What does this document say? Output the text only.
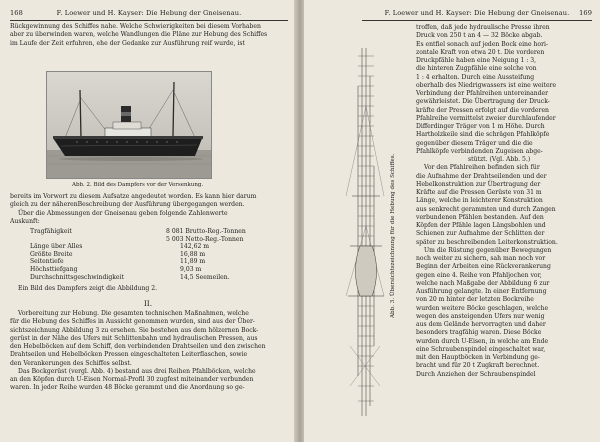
168	F. Loewer und H. Kayser: Die Hebung der Gneisenau.
Rückgewinnung des Schiffes nahe. Welche Schwierigkeiten bei diesem Vorhaben
aber zu überwinden waren, welche Wandlungen die Pläne zur Hebung des Schiffes
im Laufe der Zeit erfuhren, ehe der Gedanke zur Ausführung reif wurde, ist
Abb. 2. Bild des Dampfers vor der Versenkung.
bereits im Vorwort zu diesem Aufsatze angedeutet worden. Es kann hier darum
gleich zu der näherenBeschreibung der Ausführung übergegangen werden.
Über die Abmessungen der Gneisenau geben folgende Zahlenwerte
Auskunft:
Tragfähigkeit	8 081 Brutto-Reg.-Tonnen
5 003 Netto-Reg.-Tonnen
Länge über Alles	142,62 m
Größte Breite	16,88 m
Seitentiefe	11,89 m
Höchsttiefgang	9,03 m
Durchschnittsgeschwindigkeit	14,5 Seemeilen.
Ein Bild des Dampfers zeigt die Abbildung 2.
II.
Vorbereitung zur Hebung. Die gesamten technischen Maßnahmen, welche
für die Hebung des Schiffes in Aussicht genommen wurden, sind aus der Über-
sichtszeichnung Abbildung 3 zu ersehen. Sie bestehen aus dem hölzernen Bock-
gerüst in der Nähe des Ufers mit Schlittenbahn und hydraulischen Pressen, aus
den Hebelböcken auf dem Schiff, den verbindenden Drahtseilen und den zwischen
Drahtseilen und Hebelböcken Pressen eingeschalteten Leiterflaschen, sowie
den Verankerungen des Schiffes selbst.
Das Bockgerüst (vergl. Abb. 4) bestand aus drei Reihen Pfahlböcken, welche
an den Köpfen durch U-Eisen Normal-Profil 30 zugfest miteinander verbunden
waren. In jeder Reihe wurden 48 Böcke gerammt und die Anordnung so ge-
F. Loewer und H. Kayser: Die Hebung der Gneisenau.	169
Abb. 3. Übersichtszeichnung für die Hebung des Schiffes.
troffen, daß jede hydraulische Presse ihren
Druck von 250 t an 4 — 32 Böcke abgab.
Es entfiel sonach auf jeden Bock eine hori-
zontale Kraft von etwa 20 t. Die vorderen
Druckpfähle haben eine Neigung 1 : 3,
die hinteren Zugpfähle eine solche von
1 : 4 erhalten. Durch eine Aussteifung
oberhalb des Niedrigwassers ist eine weitere
Verbindung der Pfahlreihen untereinander
gewährleistet. Die Übertragung der Druck-
kräfte der Pressen erfolgt auf die vorderen
Pfahlreihe vermittelst zweier durchlaufender
Differdinger Träger von 1 m Höhe. Durch
Hartholzkeile sind die schrägen Pfahlköpfe
gegenüber diesem Träger und die die
Pfahlköpfe verbindenden Zugeisen abge-
stützt. (Vgl. Abb. 5.)
Vor den Pfahlreihen befinden sich für
die Aufnahme der Drahtseilenden und der
Hebelkonstruktion zur Übertragung der
Kräfte auf die Pressen Gerüste von 31 m
Länge, welche in leichterer Konstruktion
aus senkrecht gerammten und durch Zangen
verbundenen Pfählen bestanden. Auf den
Köpfen der Pfähle lagen Längsbohlen und
Schienen zur Aufnahme der Schlitten der
später zu beschreibenden Leiterkonstruktion.
Um die Rüstung gegenüber Bewegungen
noch weiter zu sichern, sah man noch vor
Beginn der Arbeiten eine Rückverankerung
gegen eine 4. Reihe von Pfahljochen vor,
welche nach Maßgabe der Abbildung 6 zur
Ausführung gelangte. In einer Entfernung
von 20 m hinter der letzten Bockreihe
wurden weitere Böcke geschlagen, welche
wegen des ansteigenden Ufers nur wenig
aus dem Gelände hervorragten und daher
besonders tragfähig waren. Diese Böcke
wurden durch U-Eisen, in welche am Ende
eine Schraubenspindel eingeschaltet war,
mit den Hauptböcken in Verbindung ge-
bracht und für 20 t Zugkraft berechnet.
Durch Anziehen der Schraubenspindel
